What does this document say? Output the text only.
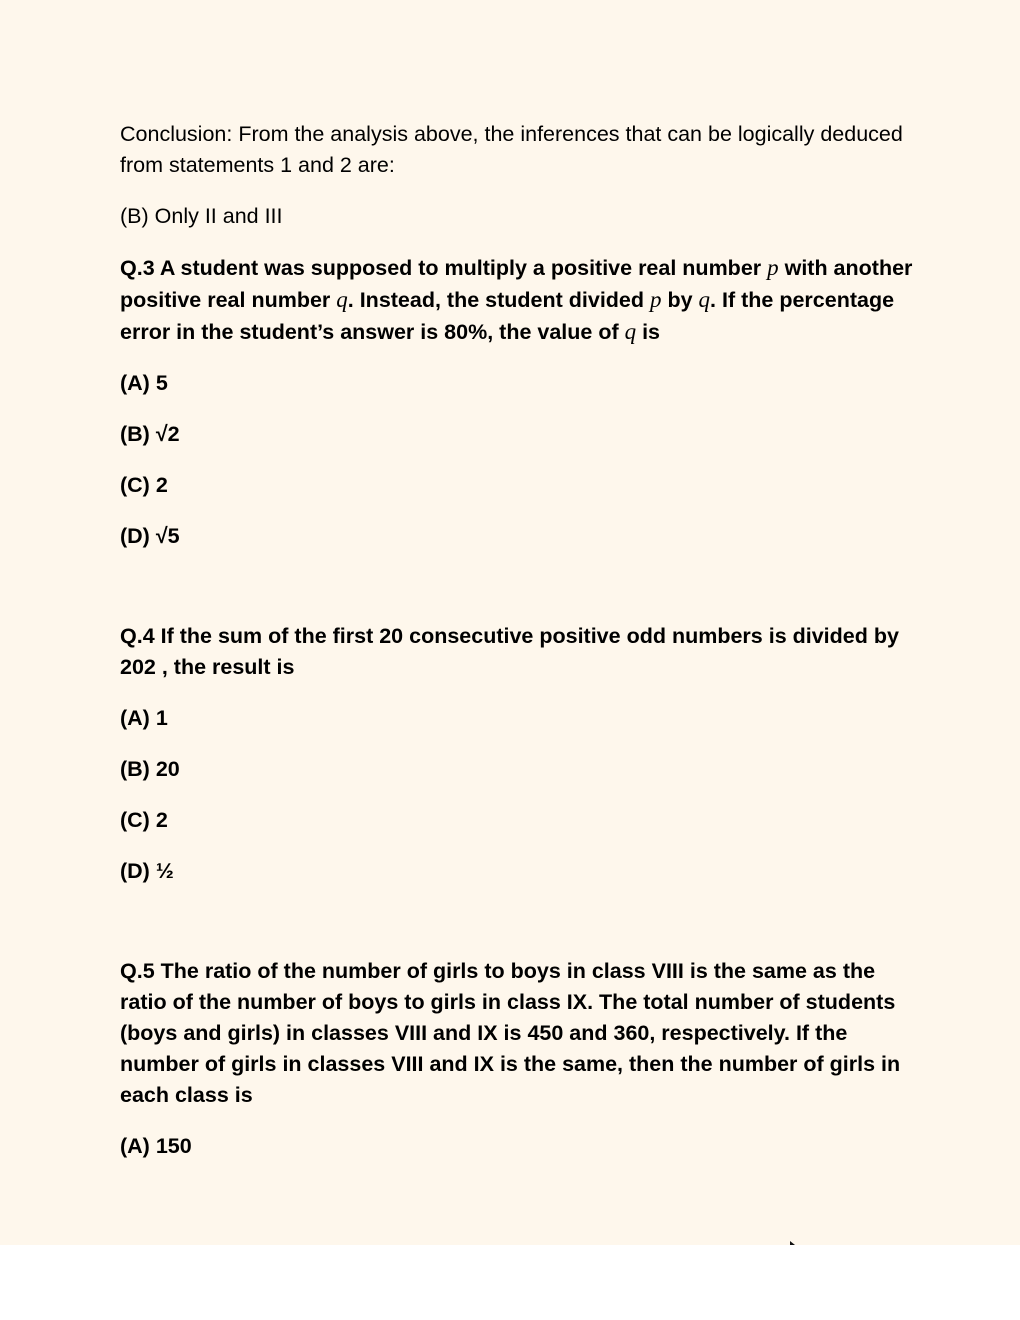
Conclusion: From the analysis above, the inferences that can be logically deduced from statements 1 and 2 are:

(B) Only II and III

Q.3 A student was supposed to multiply a positive real number p with another positive real number q. Instead, the student divided p by q. If the percentage error in the student’s answer is 80%, the value of q is

(A) 5

(B) √2

(C) 2

(D) √5

Q.4 If the sum of the first 20 consecutive positive odd numbers is divided by 202 , the result is

(A) 1

(B) 20

(C) 2

(D) ½

Q.5 The ratio of the number of girls to boys in class VIII is the same as the ratio of the number of boys to girls in class IX. The total number of students (boys and girls) in classes VIII and IX is 450 and 360, respectively. If the number of girls in classes VIII and IX is the same, then the number of girls in each class is

(A) 150
